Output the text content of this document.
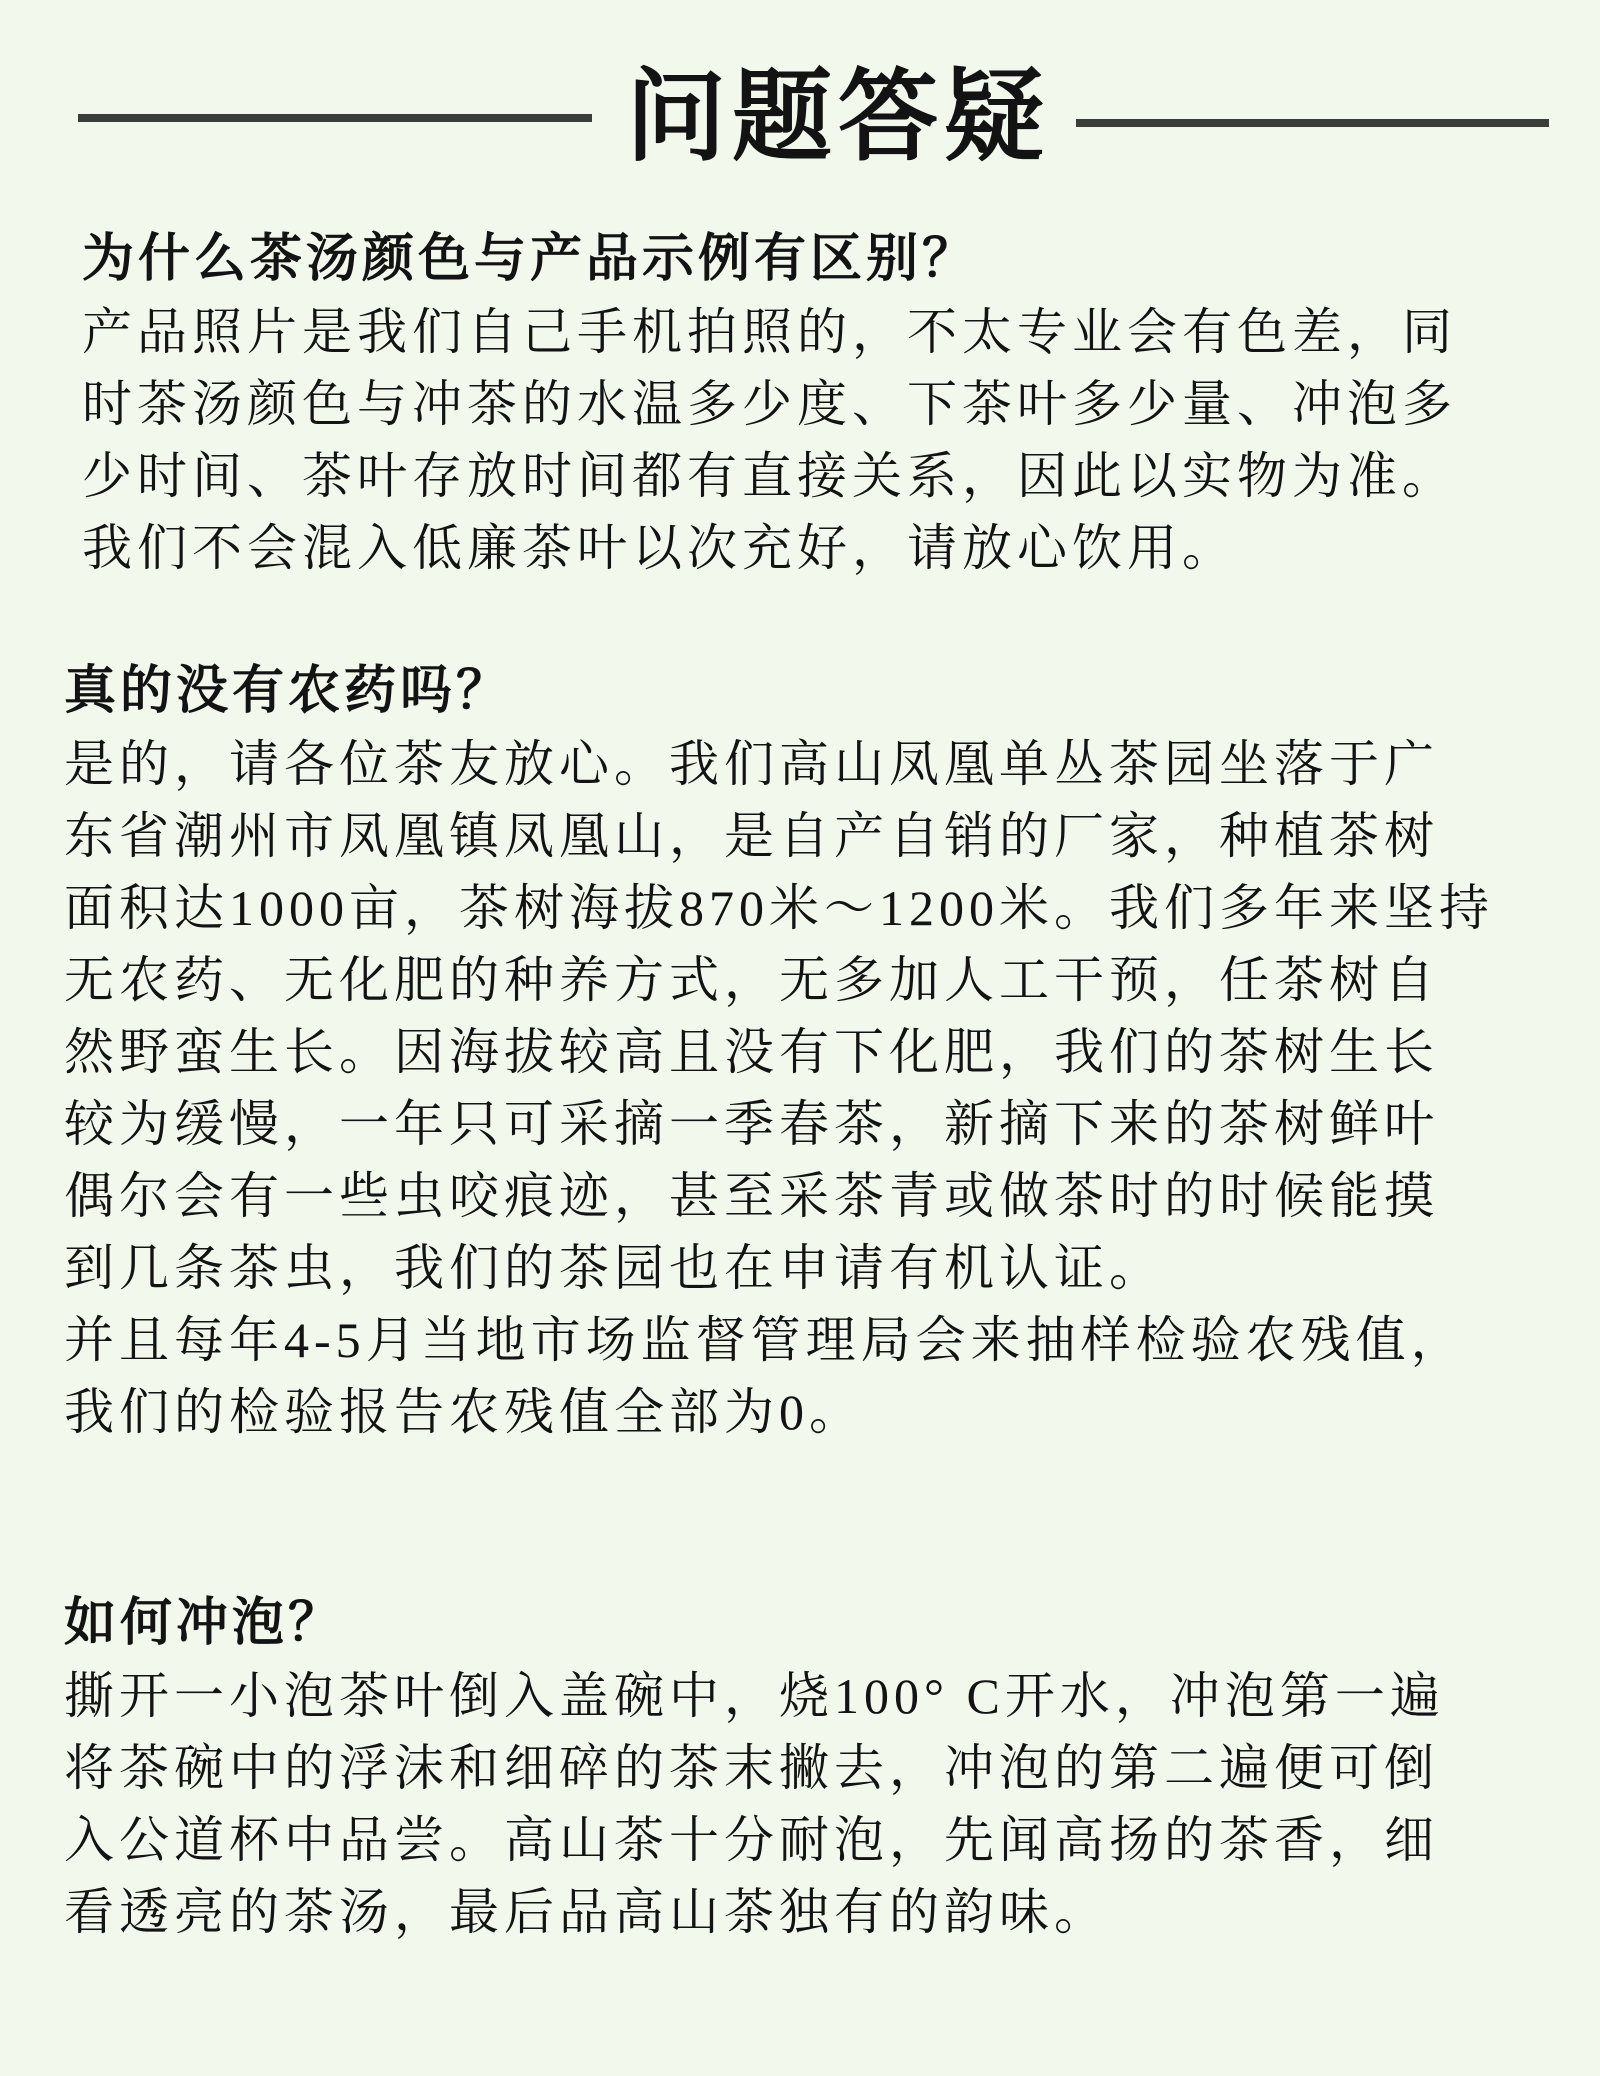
问题答疑
为什么茶汤颜色与产品示例有区别？
产品照片是我们自己手机拍照的，不太专业会有色差，同
时茶汤颜色与冲茶的水温多少度、下茶叶多少量、冲泡多
少时间、茶叶存放时间都有直接关系，因此以实物为准。
我们不会混入低廉茶叶以次充好，请放心饮用。
真的没有农药吗？
是的，请各位茶友放心。我们高山凤凰单丛茶园坐落于广
东省潮州市凤凰镇凤凰山，是自产自销的厂家，种植茶树
面积达1000亩，茶树海拔870米～1200米。我们多年来坚持
无农药、无化肥的种养方式，无多加人工干预，任茶树自
然野蛮生长。因海拔较高且没有下化肥，我们的茶树生长
较为缓慢，一年只可采摘一季春茶，新摘下来的茶树鲜叶
偶尔会有一些虫咬痕迹，甚至采茶青或做茶时的时候能摸
到几条茶虫，我们的茶园也在申请有机认证。
并且每年4-5月当地市场监督管理局会来抽样检验农残值，
我们的检验报告农残值全部为0。
如何冲泡？
撕开一小泡茶叶倒入盖碗中，烧100° C开水，冲泡第一遍
将茶碗中的浮沫和细碎的茶末撇去，冲泡的第二遍便可倒
入公道杯中品尝。高山茶十分耐泡，先闻高扬的茶香，细
看透亮的茶汤，最后品高山茶独有的韵味。
